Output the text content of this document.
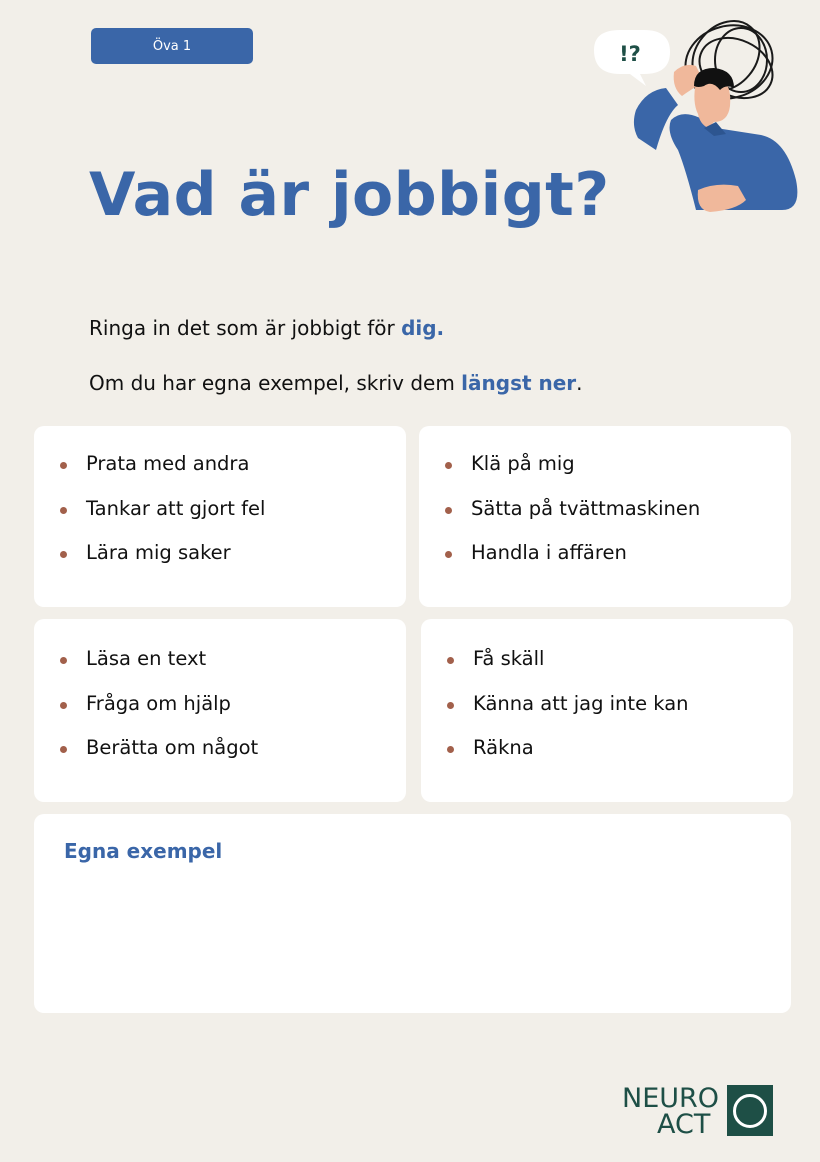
Öva 1	!?
Vad är jobbigt?
Ringa in det som är jobbigt för dig.
Om du har egna exempel, skriv dem längst ner.
Prata med andra
Tankar att gjort fel
Lära mig saker
Klä på mig
Sätta på tvättmaskinen
Handla i affären
Läsa en text
Fråga om hjälp
Berätta om något
Få skäll
Känna att jag inte kan
Räkna
Egna exempel
NEURO
ACT
